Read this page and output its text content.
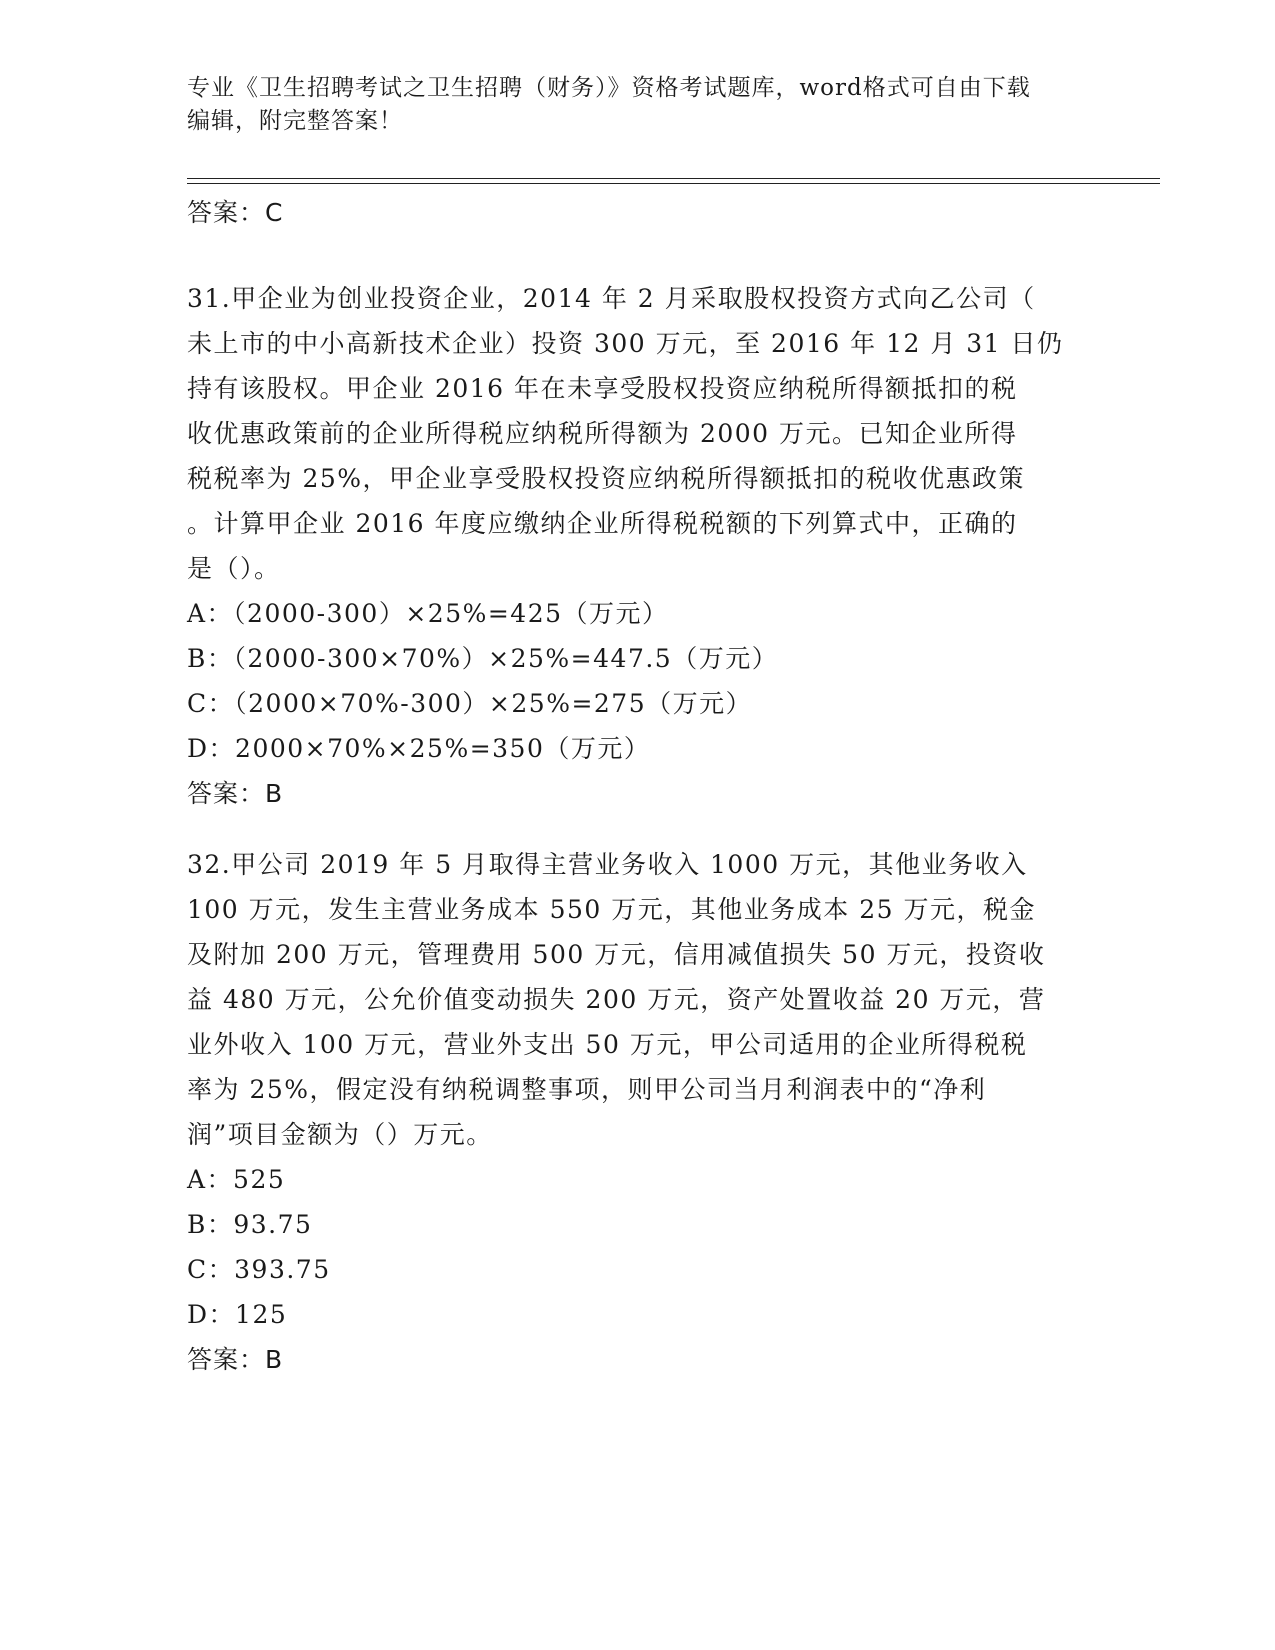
专业《卫生招聘考试之卫生招聘（财务）》资格考试题库，word格式可自由下载
编辑，附完整答案！
答案：C
31.甲企业为创业投资企业，2014 年 2 月采取股权投资方式向乙公司（
未上市的中小高新技术企业）投资 300 万元，至 2016 年 12 月 31 日仍
持有该股权。甲企业 2016 年在未享受股权投资应纳税所得额抵扣的税
收优惠政策前的企业所得税应纳税所得额为 2000 万元。已知企业所得
税税率为 25%，甲企业享受股权投资应纳税所得额抵扣的税收优惠政策
。计算甲企业 2016 年度应缴纳企业所得税税额的下列算式中，正确的
是（）。
A：（2000-300）×25%=425（万元）
B：（2000-300×70%）×25%=447.5（万元）
C：（2000×70%-300）×25%=275（万元）
D：2000×70%×25%=350（万元）
答案：B
32.甲公司 2019 年 5 月取得主营业务收入 1000 万元，其他业务收入
100 万元，发生主营业务成本 550 万元，其他业务成本 25 万元，税金
及附加 200 万元，管理费用 500 万元，信用减值损失 50 万元，投资收
益 480 万元，公允价值变动损失 200 万元，资产处置收益 20 万元，营
业外收入 100 万元，营业外支出 50 万元，甲公司适用的企业所得税税
率为 25%，假定没有纳税调整事项，则甲公司当月利润表中的“净利
润”项目金额为（）万元。
A：525
B：93.75
C：393.75
D：125
答案：B
